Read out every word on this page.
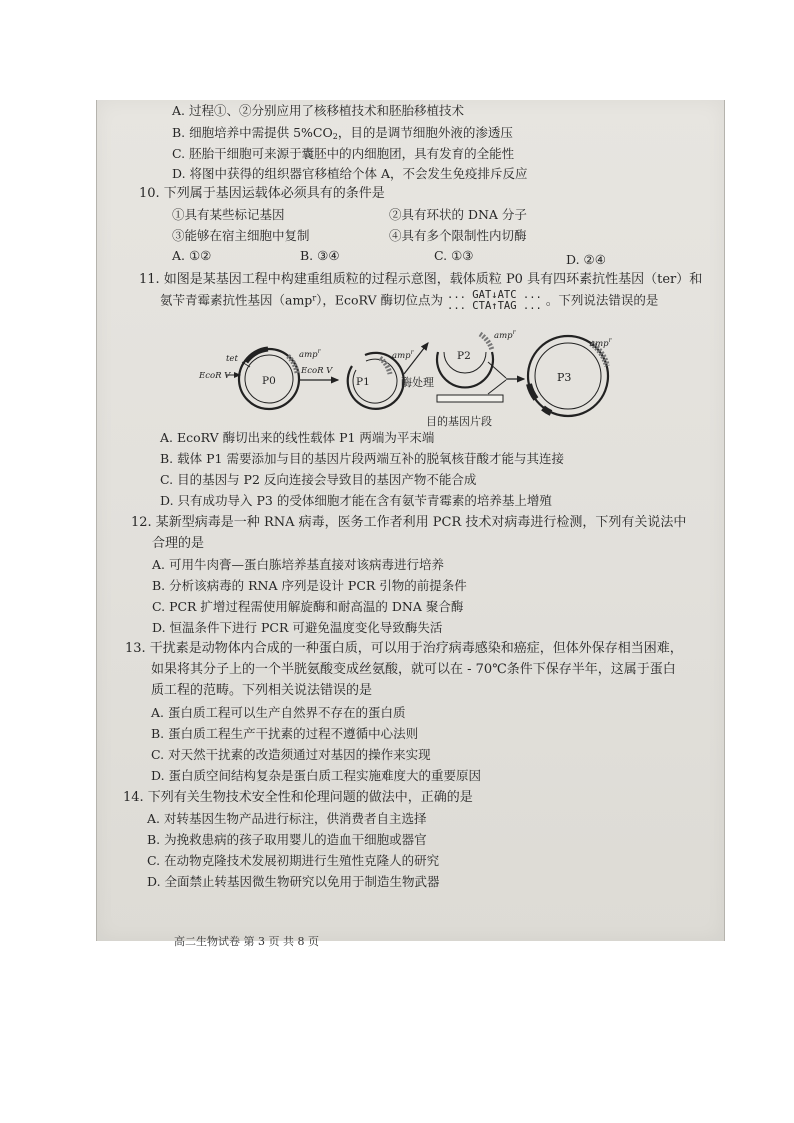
A. 过程①、②分别应用了核移植技术和胚胎移植技术
B. 细胞培养中需提供 $5\%CO_2$，目的是调节细胞外液的渗透压
C. 胚胎干细胞可来源于囊胚中的内细胞团，具有发育的全能性
D. 将图中获得的组织器官移植给个体 A，不会发生免疫排斥反应
10. 下列属于基因运载体必须具有的条件是
①具有某些标记基因	②具有环状的 DNA 分子
③能够在宿主细胞中复制	④具有多个限制性内切酶
A. ①②	B. ③④	C. ①③	D. ②④
11. 如图是某基因工程中构建重组质粒的过程示意图，载体质粒 P0 具有四环素抗性基因（ter）和
氨苄青霉素抗性基因（amp$^r$），EcoRV 酶切位点为 ... GAT↓ATC ...
... CTA↑TAG ... 。下列说法错误的是
P0
tet
EcoR Ⅴ
amp$^r$
EcoR Ⅴ
P1
amp$^r$
酶处理
P2
amp$^r$
目的基因片段
P3
amp$^r$
A. EcoRV 酶切出来的线性载体 P1 两端为平末端
B. 载体 P1 需要添加与目的基因片段两端互补的脱氧核苷酸才能与其连接
C. 目的基因与 P2 反向连接会导致目的基因产物不能合成
D. 只有成功导入 P3 的受体细胞才能在含有氨苄青霉素的培养基上增殖
12. 某新型病毒是一种 RNA 病毒，医务工作者利用 PCR 技术对病毒进行检测，下列有关说法中
合理的是
A. 可用牛肉膏—蛋白胨培养基直接对该病毒进行培养
B. 分析该病毒的 RNA 序列是设计 PCR 引物的前提条件
C. PCR 扩增过程需使用解旋酶和耐高温的 DNA 聚合酶
D. 恒温条件下进行 PCR 可避免温度变化导致酶失活
13. 干扰素是动物体内合成的一种蛋白质，可以用于治疗病毒感染和癌症，但体外保存相当困难，
如果将其分子上的一个半胱氨酸变成丝氨酸，就可以在 - 70℃条件下保存半年，这属于蛋白
质工程的范畴。下列相关说法错误的是
A. 蛋白质工程可以生产自然界不存在的蛋白质
B. 蛋白质工程生产干扰素的过程不遵循中心法则
C. 对天然干扰素的改造须通过对基因的操作来实现
D. 蛋白质空间结构复杂是蛋白质工程实施难度大的重要原因
14. 下列有关生物技术安全性和伦理问题的做法中，正确的是
A. 对转基因生物产品进行标注，供消费者自主选择
B. 为挽救患病的孩子取用婴儿的造血干细胞或器官
C. 在动物克隆技术发展初期进行生殖性克隆人的研究
D. 全面禁止转基因微生物研究以免用于制造生物武器
高二生物试卷 第 3 页 共 8 页
